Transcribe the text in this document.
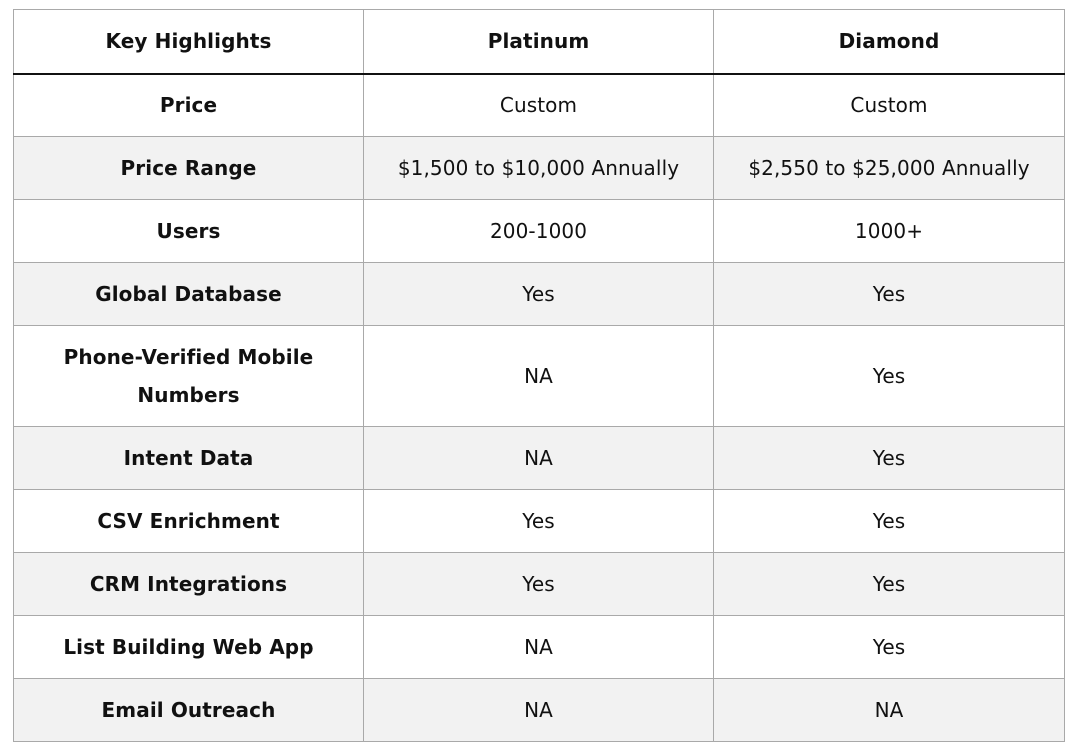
Key Highlights	Platinum	Diamond
Price	Custom	Custom
Price Range	$1,500 to $10,000 Annually	$2,550 to $25,000 Annually
Users	200-1000	1000+
Global Database	Yes	Yes
Phone-Verified Mobile Numbers	NA	Yes
Intent Data	NA	Yes
CSV Enrichment	Yes	Yes
CRM Integrations	Yes	Yes
List Building Web App	NA	Yes
Email Outreach	NA	NA
